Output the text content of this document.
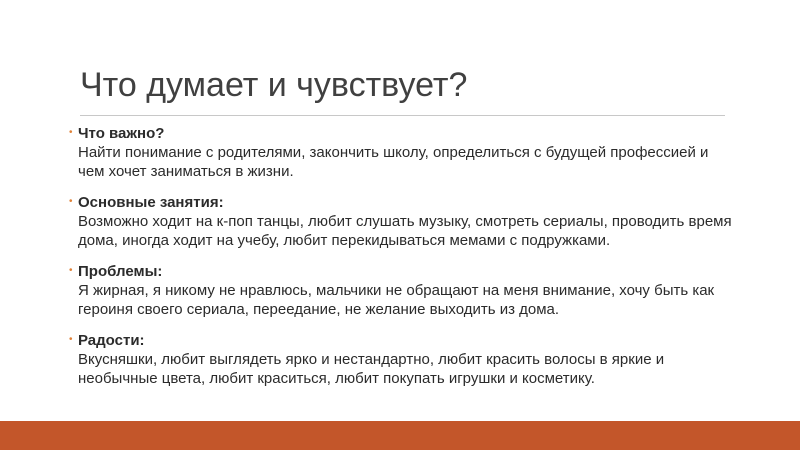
Что думает и чувствует?
• Что важно?
Найти понимание с родителями, закончить школу, определиться с будущей профессией и чем хочет заниматься в жизни.
• Основные занятия:
Возможно ходит на к-поп танцы, любит слушать музыку, смотреть сериалы, проводить время дома, иногда ходит на учебу, любит перекидываться мемами с подружками.
• Проблемы:
Я жирная, я никому не нравлюсь, мальчики не обращают на меня внимание, хочу быть как героиня своего сериала, переедание, не желание выходить из дома.
• Радости:
Вкусняшки, любит выглядеть ярко и нестандартно, любит красить волосы в яркие и необычные цвета, любит краситься, любит покупать игрушки и косметику.
